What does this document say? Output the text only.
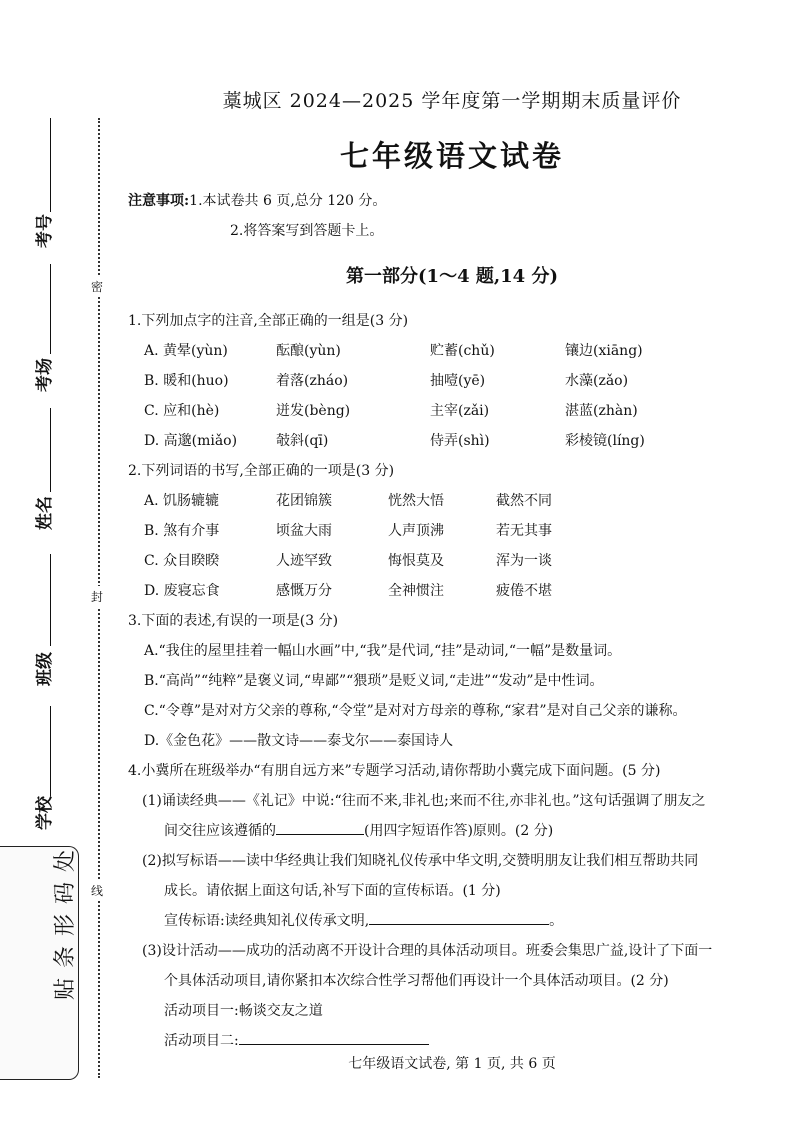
考号
考场
姓名
班级
学校
密
封
线
贴条形码处
藁城区 2024—2025 学年度第一学期期末质量评价
七年级语文试卷
注意事项:1.本试卷共 6 页,总分 120 分。
2.将答案写到答题卡上。
第一部分(1～4 题,14 分)
1.下列加点字的注音,全部正确的一组是(3 分)
A. 黄晕(yùn)	酝酿(yùn)	贮蓄(chǔ)	镶边(xiāng)
B. 暖和(huo)	着落(zháo)	抽噎(yē)	水藻(zǎo)
C. 应和(hè)	迸发(bèng)	主宰(zǎi)	湛蓝(zhàn)
D. 高邈(miǎo)	攲斜(qī)	侍弄(shì)	彩棱镜(líng)
2.下列词语的书写,全部正确的一项是(3 分)
A. 饥肠辘辘	花团锦簇	恍然大悟	截然不同
B. 煞有介事	顷盆大雨	人声顶沸	若无其事
C. 众目睽睽	人迹罕致	悔恨莫及	浑为一谈
D. 废寝忘食	感慨万分	全神惯注	疲倦不堪
3.下面的表述,有误的一项是(3 分)
A.“我住的屋里挂着一幅山水画”中,“我”是代词,“挂”是动词,“一幅”是数量词。
B.“高尚”“纯粹”是褒义词,“卑鄙”“猥琐”是贬义词,“走进”“发动”是中性词。
C.“令尊”是对对方父亲的尊称,“令堂”是对对方母亲的尊称,“家君”是对自己父亲的谦称。
D.《金色花》——散文诗——泰戈尔——泰国诗人
4.小冀所在班级举办“有朋自远方来”专题学习活动,请你帮助小冀完成下面问题。(5 分)
(1)诵读经典——《礼记》中说:“往而不来,非礼也;来而不往,亦非礼也。”这句话强调了朋友之
间交往应该遵循的	(用四字短语作答)原则。(2 分)
(2)拟写标语——读中华经典让我们知晓礼仪传承中华文明,交赞明朋友让我们相互帮助共同
成长。请依据上面这句话,补写下面的宣传标语。(1 分)
宣传标语:读经典知礼仪传承文明,	。
(3)设计活动——成功的活动离不开设计合理的具体活动项目。班委会集思广益,设计了下面一
个具体活动项目,请你紧扣本次综合性学习帮他们再设计一个具体活动项目。(2 分)
活动项目一:畅谈交友之道
活动项目二:
七年级语文试卷, 第 1 页, 共 6 页
